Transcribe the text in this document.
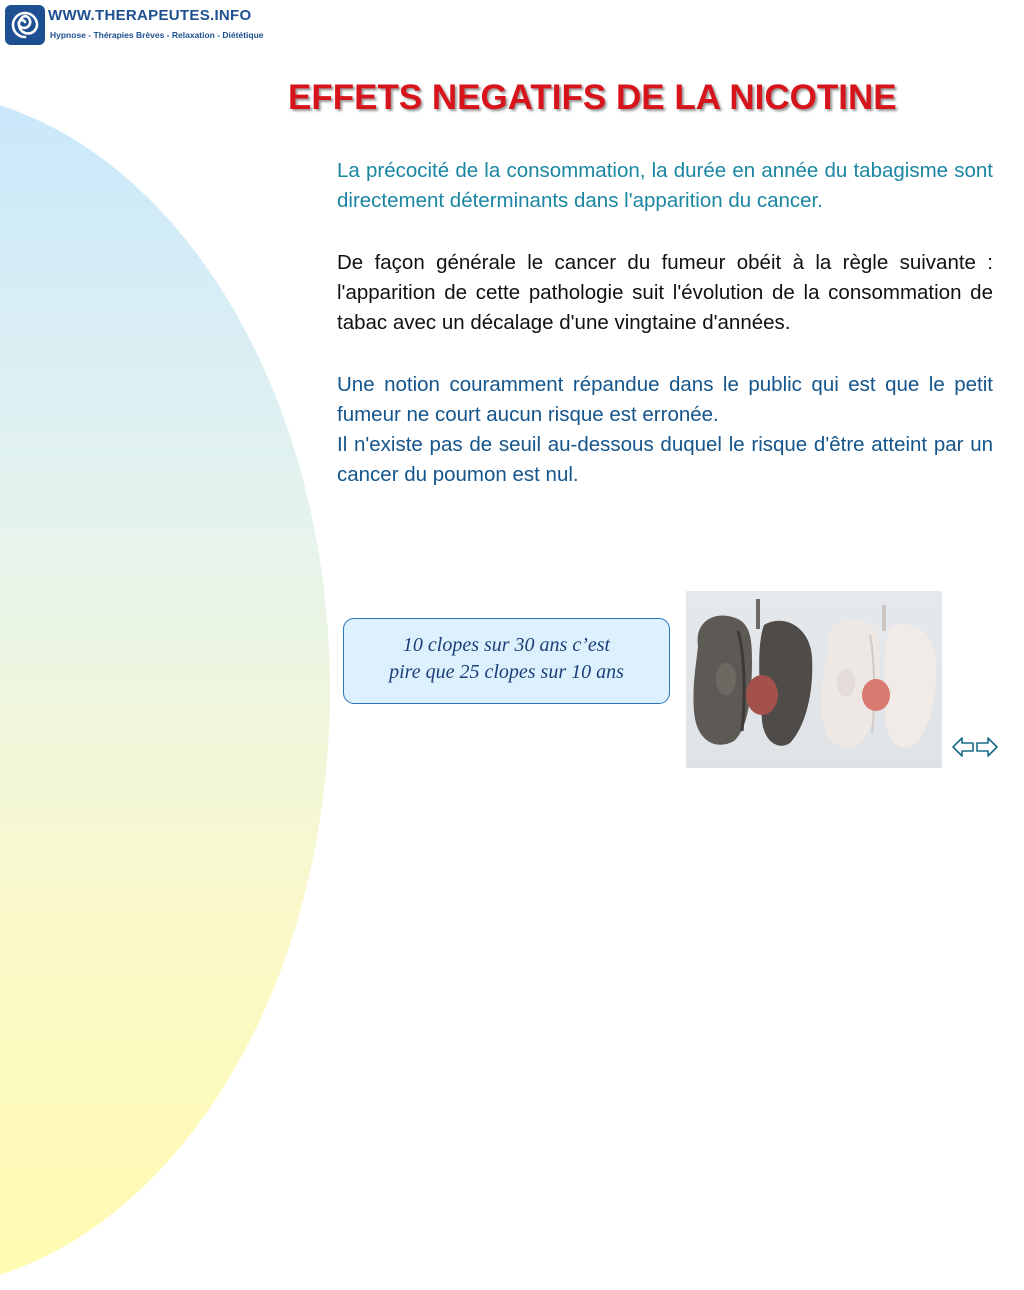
WWW.THERAPEUTES.INFO
Hypnose - Thérapies Brèves - Relaxation - Diététique
EFFETS NEGATIFS DE LA NICOTINE

La précocité de la consommation, la durée en année du tabagisme sont directement déterminants dans l'apparition du cancer.

De façon générale le cancer du fumeur obéit à la règle suivante : l'apparition de cette pathologie suit l'évolution de la consommation de tabac avec un décalage d'une vingtaine d'années.

Une notion couramment répandue dans le public qui est que le petit fumeur ne court aucun risque est erronée.

Il n'existe pas de seuil au-dessous duquel le risque d'être atteint par un cancer du poumon est nul.

10 clopes sur 30 ans c’est
pire que 25 clopes sur 10 ans
